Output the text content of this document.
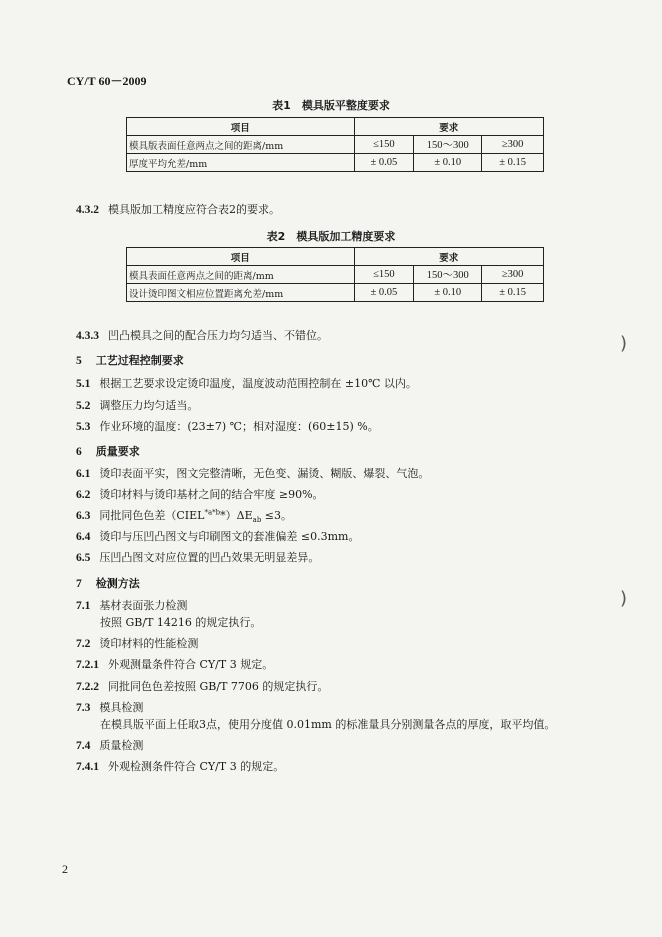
CY/T 60－2009
表1　模具版平整度要求
项目	要求		
模具版表面任意两点之间的距离/mm	≤150	150～300	≥300
厚度平均允差/mm	± 0.05	± 0.10	± 0.15
4.3.2 模具版加工精度应符合表2的要求。
表2　模具版加工精度要求
项目	要求		
模具表面任意两点之间的距离/mm	≤150	150～300	≥300
设计烫印图文相应位置距离允差/mm	± 0.05	± 0.10	± 0.15
4.3.3 凹凸模具之间的配合压力均匀适当、不错位。
5 工艺过程控制要求
5.1 根据工艺要求设定烫印温度，温度波动范围控制在 ±10℃ 以内。
5.2 调整压力均匀适当。
5.3 作业环境的温度：(23±7) ℃；相对湿度：(60±15) %。
6 质量要求
6.1 烫印表面平实，图文完整清晰，无色变、漏烫、糊版、爆裂、气泡。
6.2 烫印材料与烫印基材之间的结合牢度 ≥90%。
6.3 同批同色色差$(CIEL^{*a*b}*)\Delta E_{ab} \le 3$。
6.4 烫印与压凹凸图文与印刷图文的套准偏差 ≤0.3mm。
6.5 压凹凸图文对应位置的凹凸效果无明显差异。
7 检测方法
7.1 基材表面张力检测
按照 GB/T 14216 的规定执行。
7.2 烫印材料的性能检测
7.2.1 外观测量条件符合 CY/T 3 规定。
7.2.2 同批同色色差按照 GB/T 7706 的规定执行。
7.3 模具检测
在模具版平面上任取3点，使用分度值 0.01mm 的标准量具分别测量各点的厚度，取平均值。
7.4 质量检测
7.4.1 外观检测条件符合 CY/T 3 的规定。
2
)
)
